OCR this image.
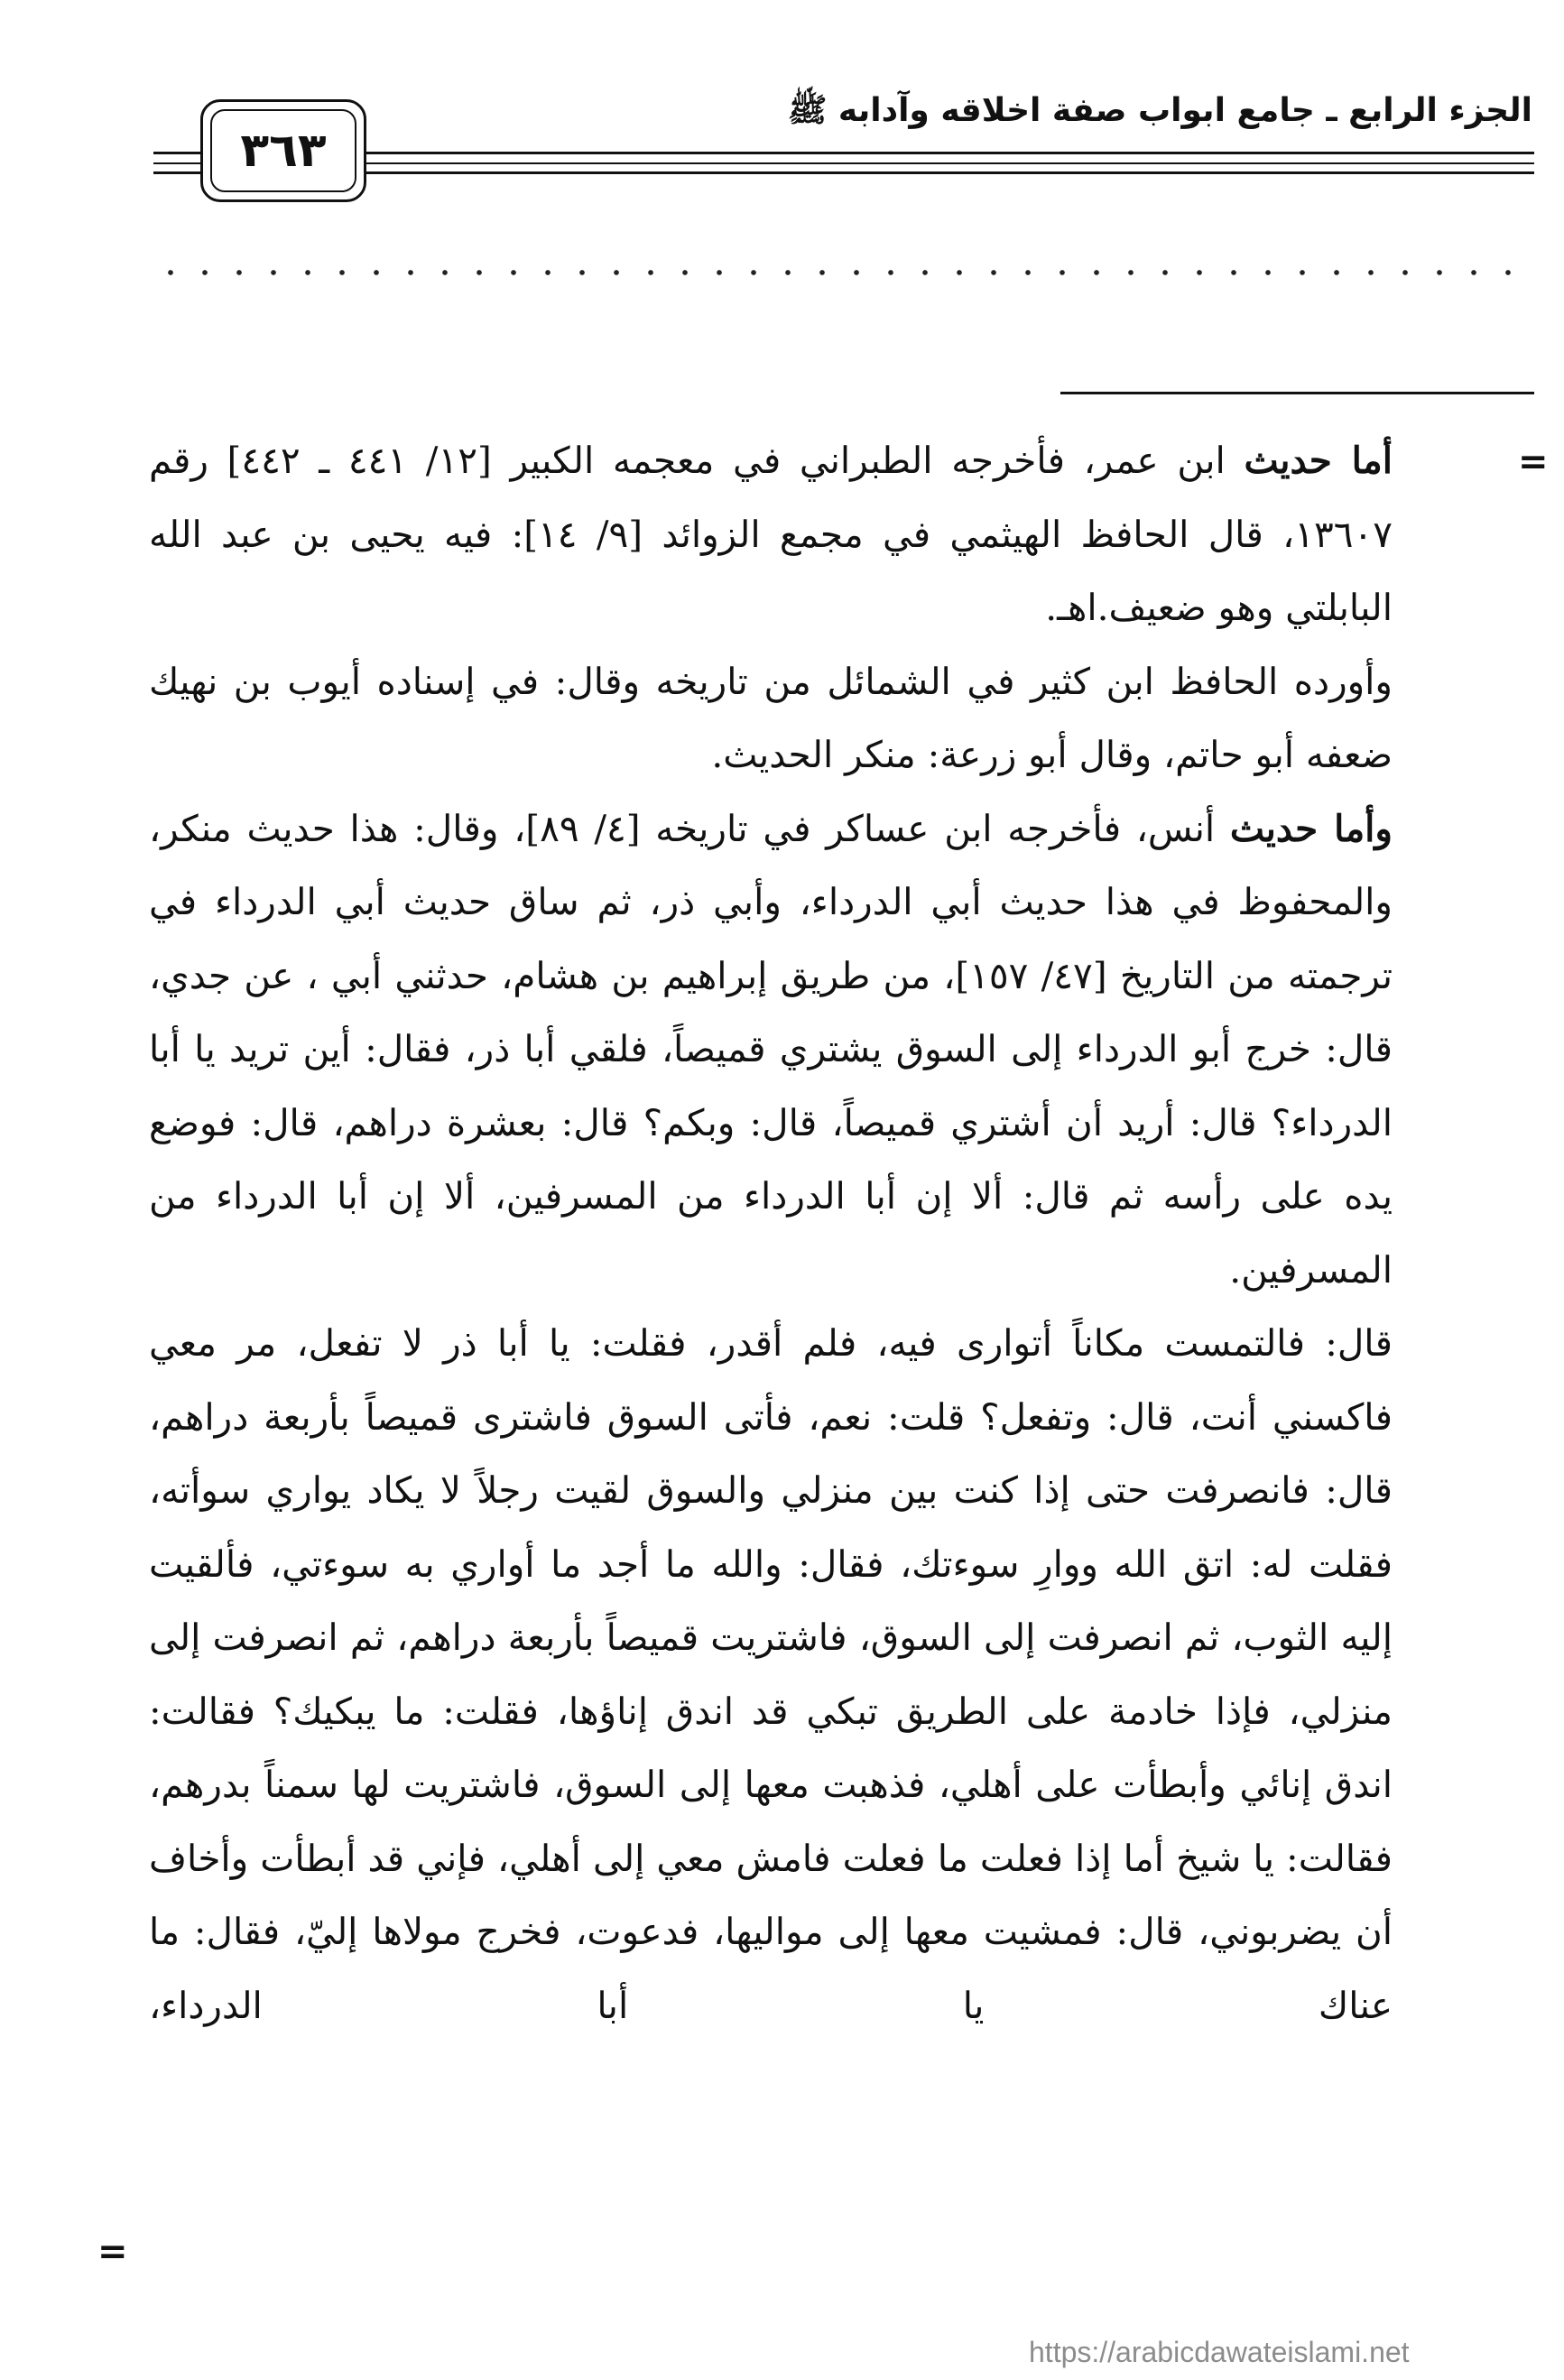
الجزء الرابع ـ جامع ابواب صفة اخلاقه وآدابه ﷺ
٣٦٣
=

أما حديث ابن عمر، فأخرجه الطبراني في معجمه الكبير [١٢/ ٤٤١ ـ ٤٤٢] رقم ١٣٦٠٧، قال الحافظ الهيثمي في مجمع الزوائد [٩/ ١٤]: فيه يحيى بن عبد الله البابلتي وهو ضعيف.اهـ.

وأورده الحافظ ابن كثير في الشمائل من تاريخه وقال: في إسناده أيوب بن نهيك ضعفه أبو حاتم، وقال أبو زرعة: منكر الحديث.

وأما حديث أنس، فأخرجه ابن عساكر في تاريخه [٤/ ٨٩]، وقال: هذا حديث منكر، والمحفوظ في هذا حديث أبي الدرداء، وأبي ذر، ثم ساق حديث أبي الدرداء في ترجمته من التاريخ [٤٧/ ١٥٧]، من طريق إبراهيم بن هشام، حدثني أبي ، عن جدي، قال: خرج أبو الدرداء إلى السوق يشتري قميصاً، فلقي أبا ذر، فقال: أين تريد يا أبا الدرداء؟ قال: أريد أن أشتري قميصاً، قال: وبكم؟ قال: بعشرة دراهم، قال: فوضع يده على رأسه ثم قال: ألا إن أبا الدرداء من المسرفين، ألا إن أبا الدرداء من المسرفين.

قال: فالتمست مكاناً أتوارى فيه، فلم أقدر، فقلت: يا أبا ذر لا تفعل، مر معي فاكسني أنت، قال: وتفعل؟ قلت: نعم، فأتى السوق فاشترى قميصاً بأربعة دراهم، قال: فانصرفت حتى إذا كنت بين منزلي والسوق لقيت رجلاً لا يكاد يواري سوأته، فقلت له: اتق الله ووارِ سوءتك، فقال: والله ما أجد ما أواري به سوءتي، فألقيت إليه الثوب، ثم انصرفت إلى السوق، فاشتريت قميصاً بأربعة دراهم، ثم انصرفت إلى منزلي، فإذا خادمة على الطريق تبكي قد اندق إناؤها، فقلت: ما يبكيك؟ فقالت: اندق إنائي وأبطأت على أهلي، فذهبت معها إلى السوق، فاشتريت لها سمناً بدرهم، فقالت: يا شيخ أما إذا فعلت ما فعلت فامش معي إلى أهلي، فإني قد أبطأت وأخاف أن يضربوني، قال: فمشيت معها إلى مواليها، فدعوت، فخرج مولاها إليّ، فقال: ما عناك يا أبا الدرداء،

=
https://arabicdawateislami.net
